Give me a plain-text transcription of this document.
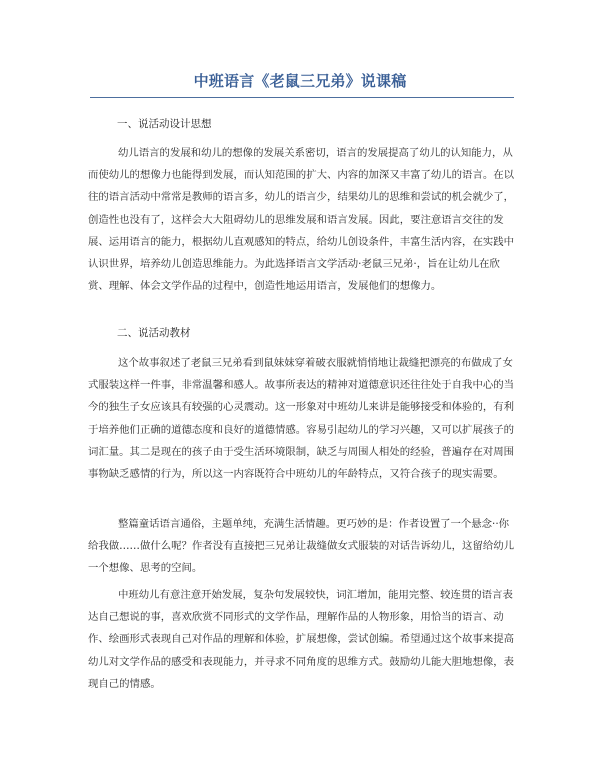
中班语言《老鼠三兄弟》说课稿
一、说活动设计思想
幼儿语言的发展和幼儿的想像的发展关系密切，语言的发展提高了幼儿的认知能力，从而使幼儿的想像力也能得到发展，而认知范围的扩大、内容的加深又丰富了幼儿的语言。在以往的语言活动中常常是教师的语言多，幼儿的语言少，结果幼儿的思维和尝试的机会就少了，创造性也没有了，这样会大大阻碍幼儿的思维发展和语言发展。因此，要注意语言交往的发展、运用语言的能力，根据幼儿直观感知的特点，给幼儿创设条件，丰富生活内容，在实践中认识世界，培养幼儿创造思维能力。为此选择语言文学活动·老鼠三兄弟·，旨在让幼儿在欣赏、理解、体会文学作品的过程中，创造性地运用语言，发展他们的想像力。
二、说活动教材
这个故事叙述了老鼠三兄弟看到鼠妹妹穿着破衣服就悄悄地让裁缝把漂亮的布做成了女式服装这样一件事，非常温馨和感人。故事所表达的精神对道德意识还往往处于自我中心的当今的独生子女应该具有较强的心灵震动。这一形象对中班幼儿来讲是能够接受和体验的，有利于培养他们正确的道德态度和良好的道德情感。容易引起幼儿的学习兴趣，又可以扩展孩子的词汇量。其二是现在的孩子由于受生活环境限制，缺乏与周围人相处的经验，普遍存在对周围事物缺乏感情的行为，所以这一内容既符合中班幼儿的年龄特点，又符合孩子的现实需要。
整篇童话语言通俗，主题单纯，充满生活情趣。更巧妙的是：作者设置了一个悬念··你给我做……做什么呢？作者没有直接把三兄弟让裁缝做女式服装的对话告诉幼儿，这留给幼儿一个想像、思考的空间。
中班幼儿有意注意开始发展，复杂句发展较快，词汇增加，能用完整、较连贯的语言表达自己想说的事，喜欢欣赏不同形式的文学作品，理解作品的人物形象，用恰当的语言、动作、绘画形式表现自己对作品的理解和体验，扩展想像，尝试创编。希望通过这个故事来提高幼儿对文学作品的感受和表现能力，并寻求不同角度的思维方式。鼓励幼儿能大胆地想像，表现自己的情感。
